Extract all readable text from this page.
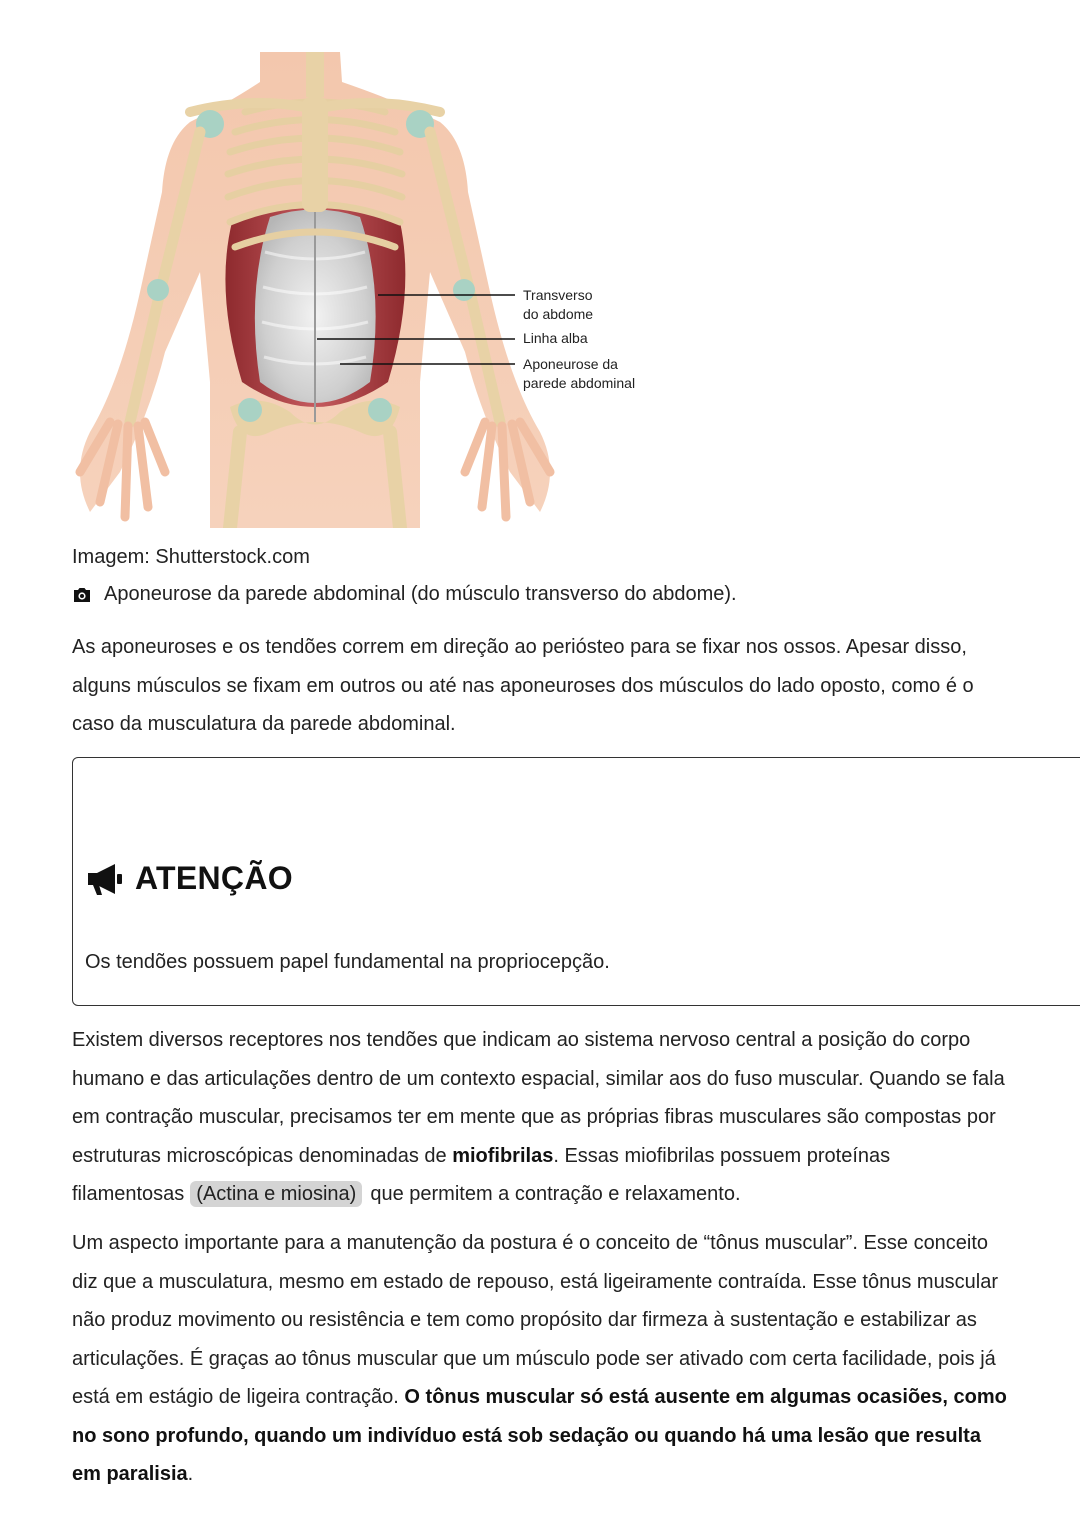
Transverso
do abdome
Linha alba
Aponeurose da
parede abdominal
Imagem: Shutterstock.com
Aponeurose da parede abdominal (do músculo transverso do abdome).

As aponeuroses e os tendões correm em direção ao periósteo para se fixar nos ossos. Apesar disso, alguns músculos se fixam em outros ou até nas aponeuroses dos músculos do lado oposto, como é o caso da musculatura da parede abdominal.

ATENÇÃO
Os tendões possuem papel fundamental na propriocepção.

Existem diversos receptores nos tendões que indicam ao sistema nervoso central a posição do corpo humano e das articulações dentro de um contexto espacial, similar aos do fuso muscular. Quando se fala em contração muscular, precisamos ter em mente que as próprias fibras musculares são compostas por estruturas microscópicas denominadas de miofibrilas. Essas miofibrilas possuem proteínas filamentosas (Actina e miosina) que permitem a contração e relaxamento.

Um aspecto importante para a manutenção da postura é o conceito de “tônus muscular”. Esse conceito diz que a musculatura, mesmo em estado de repouso, está ligeiramente contraída. Esse tônus muscular não produz movimento ou resistência e tem como propósito dar firmeza à sustentação e estabilizar as articulações. É graças ao tônus muscular que um músculo pode ser ativado com certa facilidade, pois já está em estágio de ligeira contração. O tônus muscular só está ausente em algumas ocasiões, como no sono profundo, quando um indivíduo está sob sedação ou quando há uma lesão que resulta em paralisia.
